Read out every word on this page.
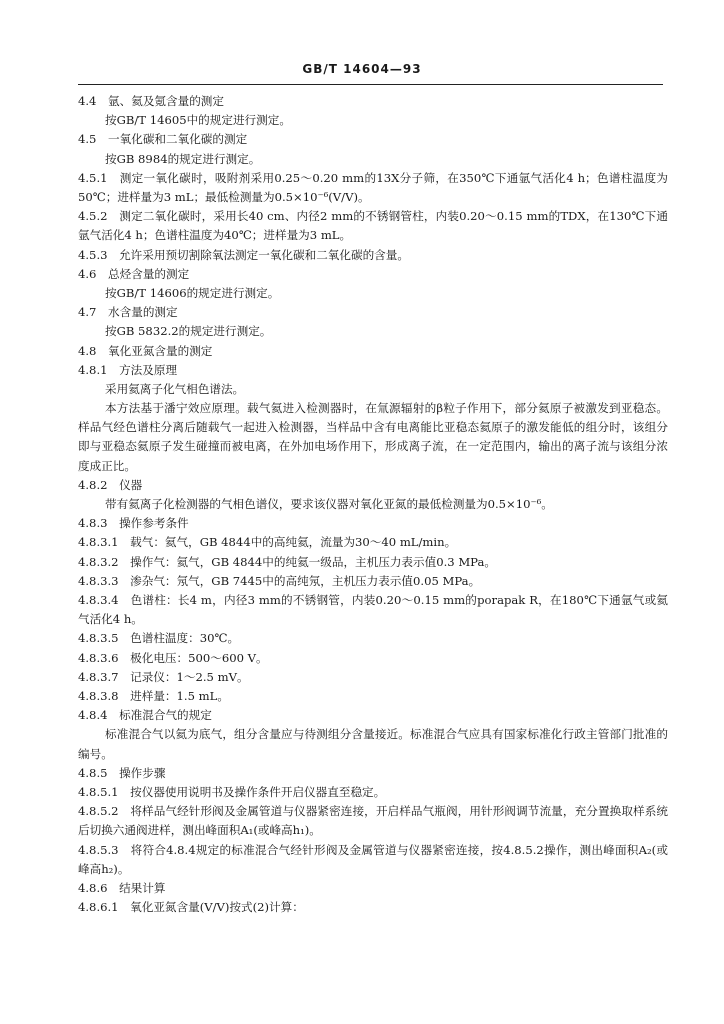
GB/T 14604—93
4.4　氩、氦及氪含量的测定
按GB/T 14605中的规定进行测定。
4.5　一氧化碳和二氧化碳的测定
按GB 8984的规定进行测定。

4.5.1　测定一氧化碳时，吸附剂采用0.25～0.20 mm的13X分子筛，在350℃下通氩气活化4 h；色谱柱温度为50℃；进样量为3 mL；最低检测量为0.5×10⁻⁶(V/V)。

4.5.2　测定二氧化碳时，采用长40 cm、内径2 mm的不锈钢管柱，内装0.20～0.15 mm的TDX，在130℃下通氩气活化4 h；色谱柱温度为40℃；进样量为3 mL。

4.5.3　允许采用预切割除氧法测定一氧化碳和二氧化碳的含量。
4.6　总烃含量的测定
按GB/T 14606的规定进行测定。
4.7　水含量的测定
按GB 5832.2的规定进行测定。
4.8　氧化亚氮含量的测定
4.8.1　方法及原理
采用氦离子化气相色谱法。

本方法基于潘宁效应原理。载气氦进入检测器时，在氚源辐射的β粒子作用下，部分氦原子被激发到亚稳态。样品气经色谱柱分离后随载气一起进入检测器，当样品中含有电离能比亚稳态氦原子的激发能低的组分时，该组分即与亚稳态氦原子发生碰撞而被电离，在外加电场作用下，形成离子流，在一定范围内，输出的离子流与该组分浓度成正比。

4.8.2　仪器
带有氦离子化检测器的气相色谱仪，要求该仪器对氧化亚氮的最低检测量为0.5×10⁻⁶。
4.8.3　操作参考条件
4.8.3.1　载气：氦气，GB 4844中的高纯氦，流量为30～40 mL/min。
4.8.3.2　操作气：氦气，GB 4844中的纯氦一级品，主机压力表示值0.3 MPa。
4.8.3.3　渗杂气：氖气，GB 7445中的高纯氖，主机压力表示值0.05 MPa。

4.8.3.4　色谱柱：长4 m，内径3 mm的不锈钢管，内装0.20～0.15 mm的porapak R，在180℃下通氩气或氦气活化4 h。

4.8.3.5　色谱柱温度：30℃。
4.8.3.6　极化电压：500～600 V。
4.8.3.7　记录仪：1～2.5 mV。
4.8.3.8　进样量：1.5 mL。
4.8.4　标准混合气的规定

标准混合气以氦为底气，组分含量应与待测组分含量接近。标准混合气应具有国家标准化行政主管部门批准的编号。

4.8.5　操作步骤
4.8.5.1　按仪器使用说明书及操作条件开启仪器直至稳定。

4.8.5.2　将样品气经针形阀及金属管道与仪器紧密连接，开启样品气瓶阀，用针形阀调节流量，充分置换取样系统后切换六通阀进样，测出峰面积A₁(或峰高h₁)。

4.8.5.3　将符合4.8.4规定的标准混合气经针形阀及金属管道与仪器紧密连接，按4.8.5.2操作，测出峰面积A₂(或峰高h₂)。

4.8.6　结果计算
4.8.6.1　氧化亚氮含量(V/V)按式(2)计算：
